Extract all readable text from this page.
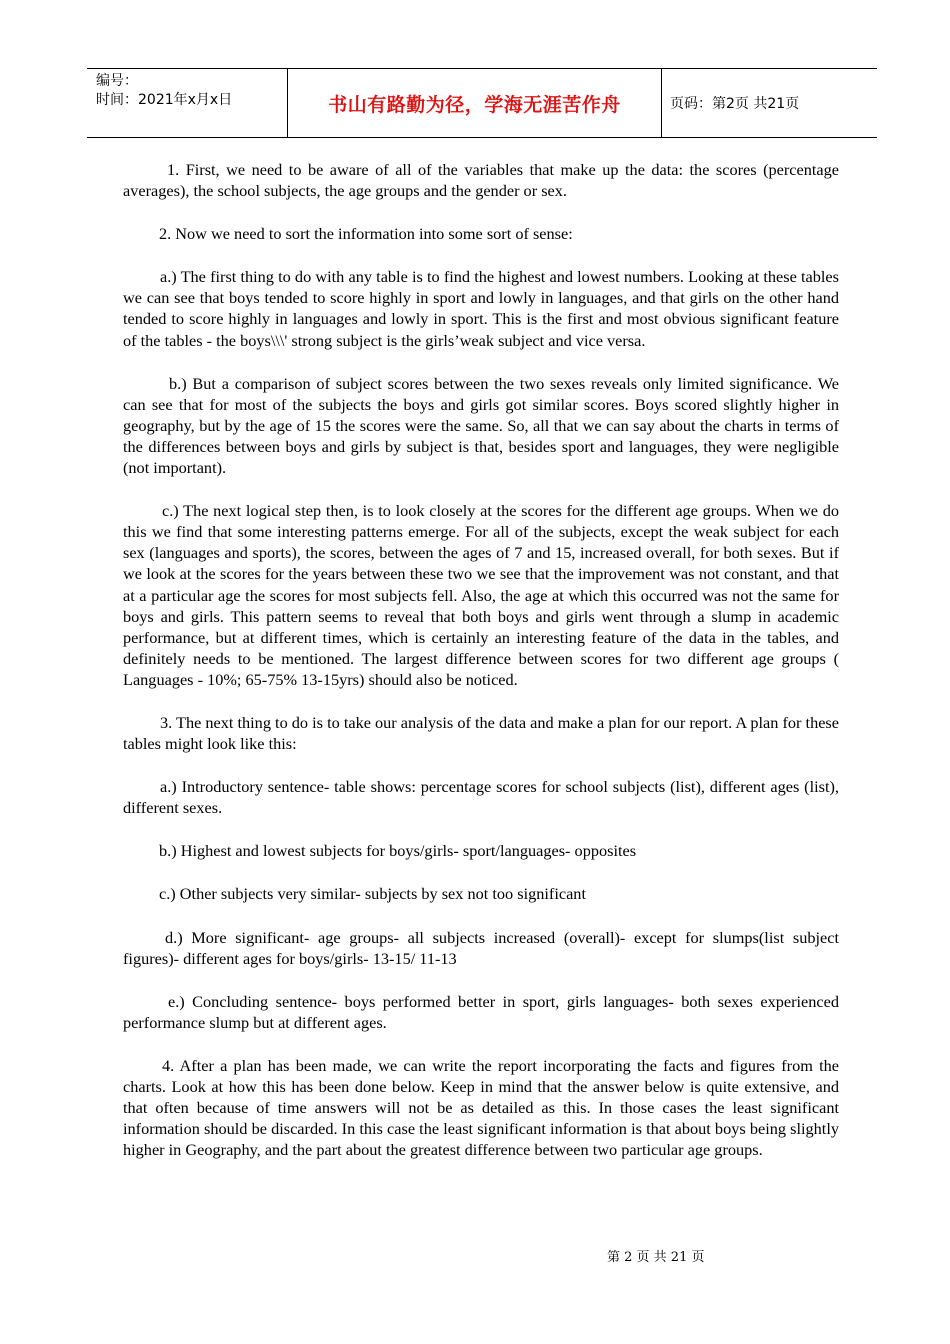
编号：
时间：2021年x月x日	书山有路勤为径，学海无涯苦作舟	页码：第2页 共21页

1. First, we need to be aware of all of the variables that make up the data: the scores (percentage averages), the school subjects, the age groups and the gender or sex.

2. Now we need to sort the information into some sort of sense:

a.) The first thing to do with any table is to find the highest and lowest numbers. Looking at these tables we can see that boys tended to score highly in sport and lowly in languages, and that girls on the other hand tended to score highly in languages and lowly in sport. This is the first and most obvious significant feature of the tables - the boys\\\' strong subject is the girls’weak subject and vice versa.

b.) But a comparison of subject scores between the two sexes reveals only limited significance. We can see that for most of the subjects the boys and girls got similar scores. Boys scored slightly higher in geography, but by the age of 15 the scores were the same. So, all that we can say about the charts in terms of the differences between boys and girls by subject is that, besides sport and languages, they were negligible (not important).

c.) The next logical step then, is to look closely at the scores for the different age groups. When we do this we find that some interesting patterns emerge. For all of the subjects, except the weak subject for each sex (languages and sports), the scores, between the ages of 7 and 15, increased overall, for both sexes. But if we look at the scores for the years between these two we see that the improvement was not constant, and that at a particular age the scores for most subjects fell. Also, the age at which this occurred was not the same for boys and girls. This pattern seems to reveal that both boys and girls went through a slump in academic performance, but at different times, which is certainly an interesting feature of the data in the tables, and definitely needs to be mentioned. The largest difference between scores for two different age groups ( Languages - 10%; 65-75% 13-15yrs) should also be noticed.

3. The next thing to do is to take our analysis of the data and make a plan for our report. A plan for these tables might look like this:

a.) Introductory sentence- table shows: percentage scores for school subjects (list), different ages (list), different sexes.

b.) Highest and lowest subjects for boys/girls- sport/languages- opposites

c.) Other subjects very similar- subjects by sex not too significant

d.) More significant- age groups- all subjects increased (overall)- except for slumps(list subject figures)- different ages for boys/girls- 13-15/ 11-13

e.) Concluding sentence- boys performed better in sport, girls languages- both sexes experienced performance slump but at different ages.

4. After a plan has been made, we can write the report incorporating the facts and figures from the charts. Look at how this has been done below. Keep in mind that the answer below is quite extensive, and that often because of time answers will not be as detailed as this. In those cases the least significant information should be discarded. In this case the least significant information is that about boys being slightly higher in Geography, and the part about the greatest difference between two particular age groups.

第 2 页 共 21 页
